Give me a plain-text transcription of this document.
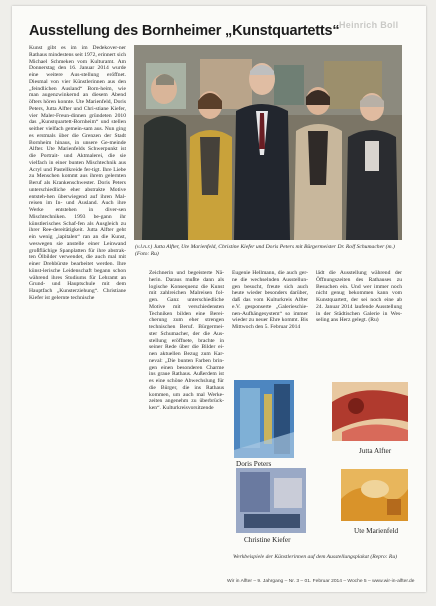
Heinrich Boll
Ausstellung des Bornheimer „Kunstquartetts“
Kunst gibt es im im Dedekover-ner Rathaus mindestens seit 1972, erinnert sich Michael Schmeken vom Kulturamt. Am Donnerstag den 16. Januar 2014 wurde eine weitere Aus-stellung eröffnet. Diesmal von vier Künstlerinnen aus den „feindlichen Ausland“ Born-heim, wie man augenzwinkernd an diesem Abend öfters hören konnte. Ute Marienfeld, Doris Peters, Jutta Alfter und Chri-stiane Kiefer, vier Maler-Freun-dinnen gründeten 2010 das „Kunstquartett-Bornheim“ und stellen seither vielfach gemein-sam aus. Nun ging es erstmals über die Grenzen der Stadt Bornheim hinaus, in unsere Ge-meinde Alfter. Ute Marienfelds Schwerpunkt ist die Portrait- und Aktmalerei, die sie vielfach in einer bunten Mischtechnik aus Acryl und Pastellkreide fer-tigt. Ihre Liebe zu Menschen kommt aus ihrem gelernten Beruf als Krankenschwester. Doris Peters unterschiedliche eher abstrakte Motive entsteh-hen überwiegend auf ihren Mal-reisen im In- und Ausland. Auch ihre Werke entstehen in diver-sen Mischtechniken. 1993 be-gann ihr künstlerisches Schaf-fen als Ausgleich zu ihrer Ree-dereitätigkeit. Jutta Alfter geht ein wenig „iapitalen“ ran an die Kunst, weswegen sie anstelle einer Leinwand großflächige Spanplatten für ihre abstrak-ten Ölbilder verwendet, die auch mal mit einer Drehbürste bearbeitet werden. Ihre künst-lerische Leidenschaft begann schon während ihres Studiums für Lehramt an Grund- und Hauptschule mit dem Hauptfach „Kunsterziehung“. Christiane Kiefer ist gelernte technische
(v.l.n.r.) Jutta Alfter, Ute Marienfeld, Christine Kiefer und Doris Peters mit Bürgermeister Dr. Rolf Schumacher (m.) (Foto: Ru)
Zeichnerin und begeisterte Nä-herin. Daraus mußte dann als logische Konsequenz die Kunst mit zahlreichen Malreisen fol-gen. Ganz unterschiedliche Motive mit verschiedensten Techniken bilden eine Berei-cherung zum eher strengen technischen Beruf. Bürgermei-ster Schumacher, der die Aus-stellung eröffnete, brachte in seiner Rede über die Bilder ei-nen aktuellen Bezug zum Kar-neval: „Die bunten Farben brin-gen einen besonderen Charme ins graue Rathaus. Außerdem ist es eine schöne Abwechslung für die Bürger, die ins Rathaus kommen, um auch mal Werke-zeiten angenehm zu überbrück-ken“. Kulturkreisvorsitzende
Eugenie Hellmann, die auch ger-ne die wechselnden Ausstellun-gen besucht, freute sich auch heute wieder besonders darüber, daß das vom Kulturkreis Alfter e.V. gesponserte „Galerieschie-nen-Aufhängesystem“ so immer wieder zu neuer Ehre kommt. Bis Mittwoch den 5. Februar 2014
lädt die Ausstellung während der Öffnungszeiten des Rathauses zu Besuchen ein. Und wer immer noch nicht genug bekommen kann vom Kunstquartett, der sei noch eine ab 24. Januar 2014 laufende Ausstellung in der Städtischen Galerie in Wes-seling ans Herz gelegt. (Ru)
Doris Peters
Jutta Alfter
Christine Kiefer
Ute Marienfeld
Werkbeispiele der Künstlerinnen auf dem Ausstellungsplakat (Repro: Ru)
Wir in Alfter – 9. Jahrgang – Nr. 3 – 01. Februar 2014 – Woche 5 – www.wir-in-alfter.de
